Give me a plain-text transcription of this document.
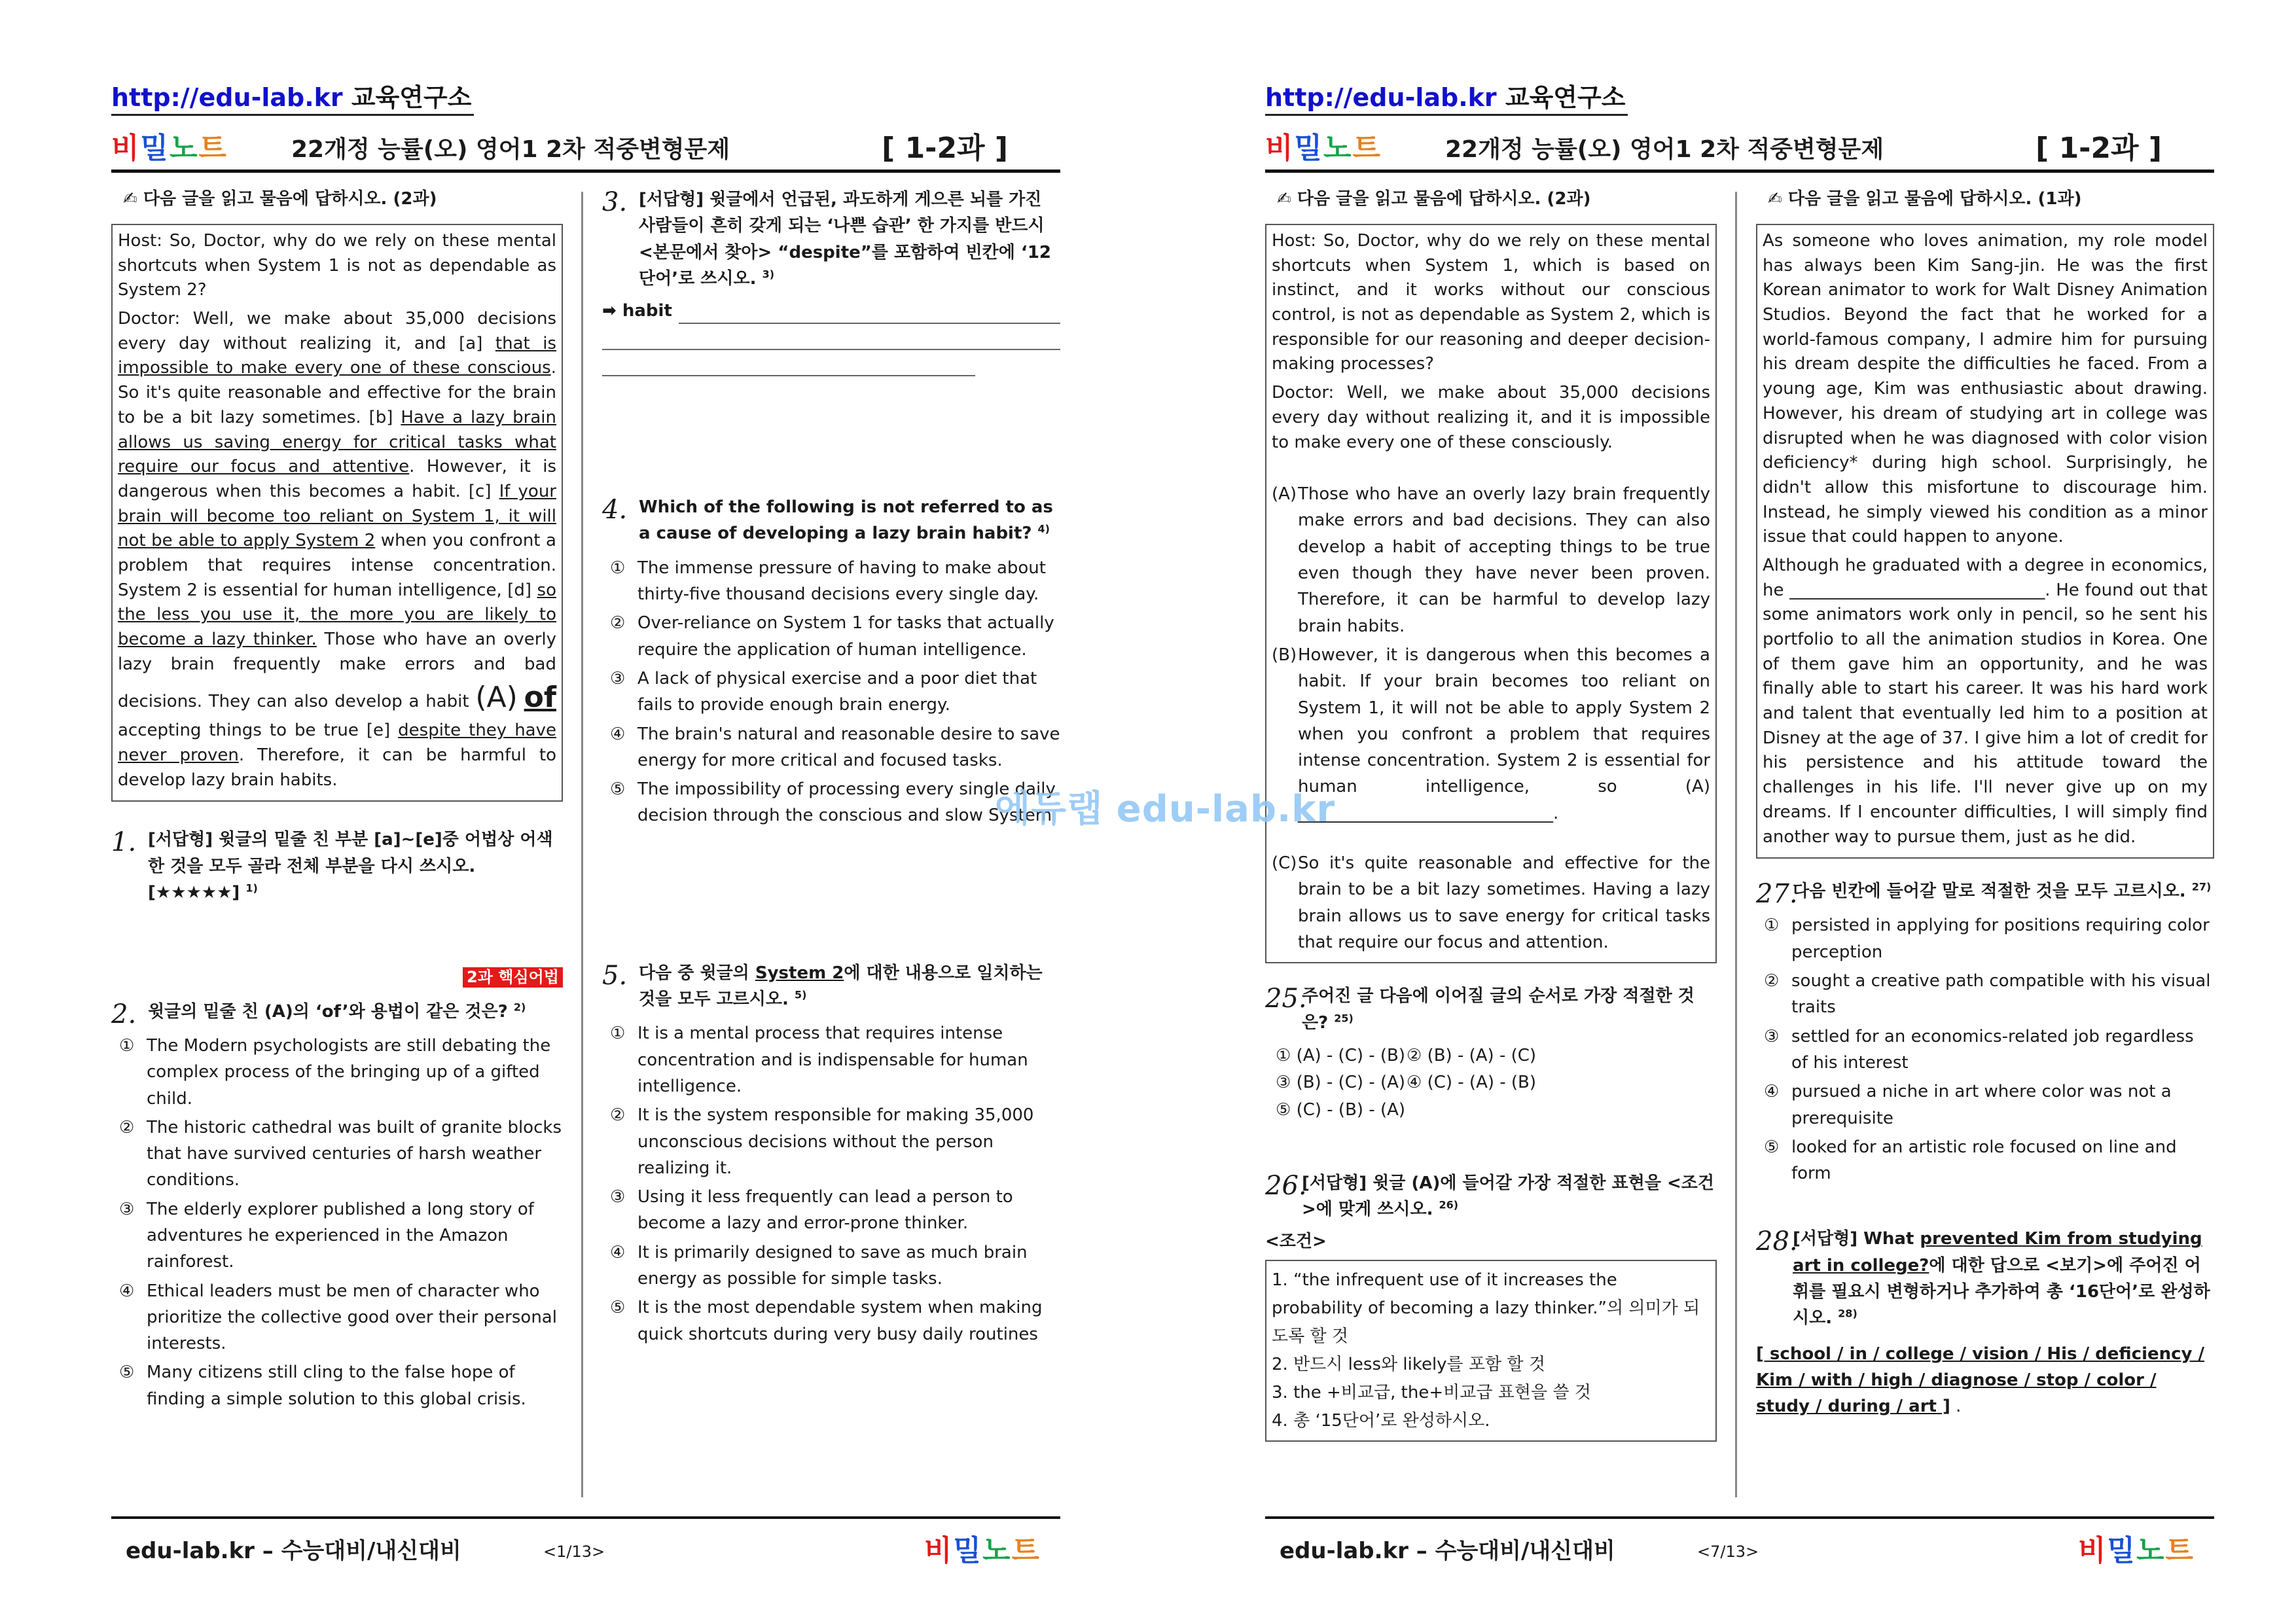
http://edu-lab.kr 교육연구소
비밀노트	22개정 능률(오) 영어1 2차 적중변형문제	[ 1-2과 ]
✍ 다음 글을 읽고 물음에 답하시오. (2과)

Host: So, Doctor, why do we rely on these mental shortcuts when System 1 is not as dependable as System 2?

Doctor: Well, we make about 35,000 decisions every day without realizing it, and [a] that is impossible to make every one of these conscious. So it's quite reasonable and effective for the brain to be a bit lazy sometimes. [b] Have a lazy brain allows us saving energy for critical tasks what require our focus and attentive. However, it is dangerous when this becomes a habit. [c] If your brain will become too reliant on System 1, it will not be able to apply System 2 when you confront a problem that requires intense concentration. System 2 is essential for human intelligence, [d] so the less you use it, the more you are likely to become a lazy thinker. Those who have an overly lazy brain frequently make errors and bad decisions. They can also develop a habit (A) of accepting things to be true [e] despite they have never proven. Therefore, it can be harmful to develop lazy brain habits.

1. [서답형] 윗글의 밑줄 친 부분 [a]~[e]중 어법상 어색한 것을 모두 골라 전체 부분을 다시 쓰시오. [★★★★★] $^{1)}$
2과 핵심어법
2. 윗글의 밑줄 친 (A)의 ‘of’와 용법이 같은 것은? $^{2)}$
① The Modern psychologists are still debating the complex process of the bringing up of a gifted child.
② The historic cathedral was built of granite blocks that have survived centuries of harsh weather conditions.
③ The elderly explorer published a long story of adventures he experienced in the Amazon rainforest.
④ Ethical leaders must be men of character who prioritize the collective good over their personal interests.
⑤ Many citizens still cling to the false hope of finding a simple solution to this global crisis.
3. [서답형] 윗글에서 언급된, 과도하게 게으른 뇌를 가진 사람들이 흔히 갖게 되는 ‘나쁜 습관’ 한 가지를 반드시 <본문에서 찾아> “despite”를 포함하여 빈칸에 ‘12단어’로 쓰시오. $^{3)}$
➡ habit
4. Which of the following is not referred to as a cause of developing a lazy brain habit? $^{4)}$
① The immense pressure of having to make about thirty-five thousand decisions every single day.
② Over-reliance on System 1 for tasks that actually require the application of human intelligence.
③ A lack of physical exercise and a poor diet that fails to provide enough brain energy.
④ The brain's natural and reasonable desire to save energy for more critical and focused tasks.
⑤ The impossibility of processing every single daily decision through the conscious and slow System
5. 다음 중 윗글의 System 2에 대한 내용으로 일치하는 것을 모두 고르시오. $^{5)}$
① It is a mental process that requires intense concentration and is indispensable for human intelligence.
② It is the system responsible for making 35,000 unconscious decisions without the person realizing it.
③ Using it less frequently can lead a person to become a lazy and error-prone thinker.
④ It is primarily designed to save as much brain energy as possible for simple tasks.
⑤ It is the most dependable system when making quick shortcuts during very busy daily routines
edu-lab.kr – 수능대비/내신대비	<1/13>	비밀노트
http://edu-lab.kr 교육연구소
비밀노트	22개정 능률(오) 영어1 2차 적중변형문제	[ 1-2과 ]
✍ 다음 글을 읽고 물음에 답하시오. (2과)

Host: So, Doctor, why do we rely on these mental shortcuts when System 1, which is based on instinct, and it works without our conscious control, is not as dependable as System 2, which is responsible for our reasoning and deeper decision-making processes?

Doctor: Well, we make about 35,000 decisions every day without realizing it, and it is impossible to make every one of these consciously.

(A) Those who have an overly lazy brain frequently make errors and bad decisions. They can also develop a habit of accepting things to be true even though they have never been proven. Therefore, it can be harmful to develop lazy brain habits.
(B) However, it is dangerous when this becomes a habit. If your brain becomes too reliant on System 1, it will not be able to apply System 2 when you confront a problem that requires intense concentration. System 2 is essential for human intelligence, so (A) ______________________________.
(C) So it's quite reasonable and effective for the brain to be a bit lazy sometimes. Having a lazy brain allows us to save energy for critical tasks that require our focus and attention.
25.
주어진 글 다음에 이어질 글의 순서로 가장 적절한 것은? $^{25)}$
① (A) - (C) - (B) ② (B) - (A) - (C)
③ (B) - (C) - (A) ④ (C) - (A) - (B)
⑤ (C) - (B) - (A)
26.
[서답형] 윗글 (A)에 들어갈 가장 적절한 표현을 <조건>에 맞게 쓰시오. $^{26)}$
<조건>
1. “the infrequent use of it increases the probability of becoming a lazy thinker.”의 의미가 되도록 할 것
2. 반드시 less와 likely를 포함 할 것
3. the +비교급, the+비교급 표현을 쓸 것
4. 총 ‘15단어’로 완성하시오.
✍ 다음 글을 읽고 물음에 답하시오. (1과)

As someone who loves animation, my role model has always been Kim Sang-jin. He was the first Korean animator to work for Walt Disney Animation Studios. Beyond the fact that he worked for a world-famous company, I admire him for pursuing his dream despite the difficulties he faced. From a young age, Kim was enthusiastic about drawing. However, his dream of studying art in college was disrupted when he was diagnosed with color vision deficiency* during high school. Surprisingly, he didn't allow this misfortune to discourage him. Instead, he simply viewed his condition as a minor issue that could happen to anyone.

Although he graduated with a degree in economics, he ______________________________. He found out that some animators work only in pencil, so he sent his portfolio to all the animation studios in Korea. One of them gave him an opportunity, and he was finally able to start his career. It was his hard work and talent that eventually led him to a position at Disney at the age of 37. I give him a lot of credit for his persistence and his attitude toward the challenges in his life. I'll never give up on my dreams. If I encounter difficulties, I will simply find another way to pursue them, just as he did.

27.
다음 빈칸에 들어갈 말로 적절한 것을 모두 고르시오. $^{27)}$
① persisted in applying for positions requiring color perception
② sought a creative path compatible with his visual traits
③ settled for an economics-related job regardless of his interest
④ pursued a niche in art where color was not a prerequisite
⑤ looked for an artistic role focused on line and form
28.
[서답형] What prevented Kim from studying art in college?에 대한 답으로 <보기>에 주어진 어휘를 필요시 변형하거나 추가하여 총 ‘16단어’로 완성하시오. $^{28)}$
[ school / in / college / vision / His / deficiency / Kim / with / high / diagnose / stop / color / study / during / art ] .
edu-lab.kr – 수능대비/내신대비	<7/13>	비밀노트
에듀랩 edu-lab.kr
